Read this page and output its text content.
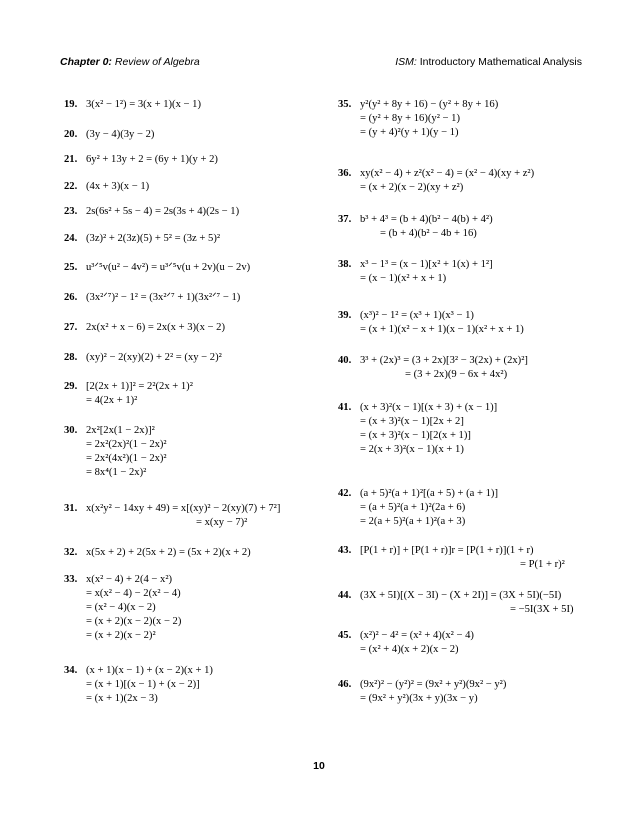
Chapter 0: Review of Algebra	ISM: Introductory Mathematical Analysis
19. 3(x² − 1²) = 3(x + 1)(x − 1)
20. (3y − 4)(3y − 2)
21. 6y² + 13y + 2 = (6y + 1)(y + 2)
22. (4x + 3)(x − 1)
23. 2s(6s² + 5s − 4) = 2s(3s + 4)(2s − 1)
24. (3z)² + 2(3z)(5) + 5² = (3z + 5)²
25. u³ᐟ⁵v(u² − 4v²) = u³ᐟ⁵v(u + 2v)(u − 2v)
26. (3x²ᐟ⁷)² − 1² = (3x²ᐟ⁷ + 1)(3x²ᐟ⁷ − 1)
27. 2x(x² + x − 6) = 2x(x + 3)(x − 2)
28. (xy)² − 2(xy)(2) + 2² = (xy − 2)²
29. [2(2x + 1)]² = 2²(2x + 1)²
= 4(2x + 1)²
30. 2x²[2x(1 − 2x)]²
= 2x²(2x)²(1 − 2x)²
= 2x²(4x²)(1 − 2x)²
= 8x⁴(1 − 2x)²
31. x(x²y² − 14xy + 49) = x[(xy)² − 2(xy)(7) + 7²]
= x(xy − 7)²
32. x(5x + 2) + 2(5x + 2) = (5x + 2)(x + 2)
33. x(x² − 4) + 2(4 − x²)
= x(x² − 4) − 2(x² − 4)
= (x² − 4)(x − 2)
= (x + 2)(x − 2)(x − 2)
= (x + 2)(x − 2)²
34. (x + 1)(x − 1) + (x − 2)(x + 1)
= (x + 1)[(x − 1) + (x − 2)]
= (x + 1)(2x − 3)
35. y²(y² + 8y + 16) − (y² + 8y + 16)
= (y² + 8y + 16)(y² − 1)
= (y + 4)²(y + 1)(y − 1)
36. xy(x² − 4) + z²(x² − 4) = (x² − 4)(xy + z²)
= (x + 2)(x − 2)(xy + z²)
37. b³ + 4³ = (b + 4)(b² − 4(b) + 4²)
= (b + 4)(b² − 4b + 16)
38. x³ − 1³ = (x − 1)[x² + 1(x) + 1²]
= (x − 1)(x² + x + 1)
39. (x³)² − 1² = (x³ + 1)(x³ − 1)
= (x + 1)(x² − x + 1)(x − 1)(x² + x + 1)
40. 3³ + (2x)³ = (3 + 2x)[3² − 3(2x) + (2x)²]
= (3 + 2x)(9 − 6x + 4x²)
41. (x + 3)²(x − 1)[(x + 3) + (x − 1)]
= (x + 3)²(x − 1)[2x + 2]
= (x + 3)²(x − 1)[2(x + 1)]
= 2(x + 3)²(x − 1)(x + 1)
42. (a + 5)²(a + 1)²[(a + 5) + (a + 1)]
= (a + 5)²(a + 1)²(2a + 6)
= 2(a + 5)²(a + 1)²(a + 3)
43. [P(1 + r)] + [P(1 + r)]r = [P(1 + r)](1 + r)
= P(1 + r)²
44. (3X + 5I)[(X − 3I) − (X + 2I)] = (3X + 5I)(−5I)
= −5I(3X + 5I)
45. (x²)² − 4² = (x² + 4)(x² − 4)
= (x² + 4)(x + 2)(x − 2)
46. (9x²)² − (y²)² = (9x² + y²)(9x² − y²)
= (9x² + y²)(3x + y)(3x − y)
10
